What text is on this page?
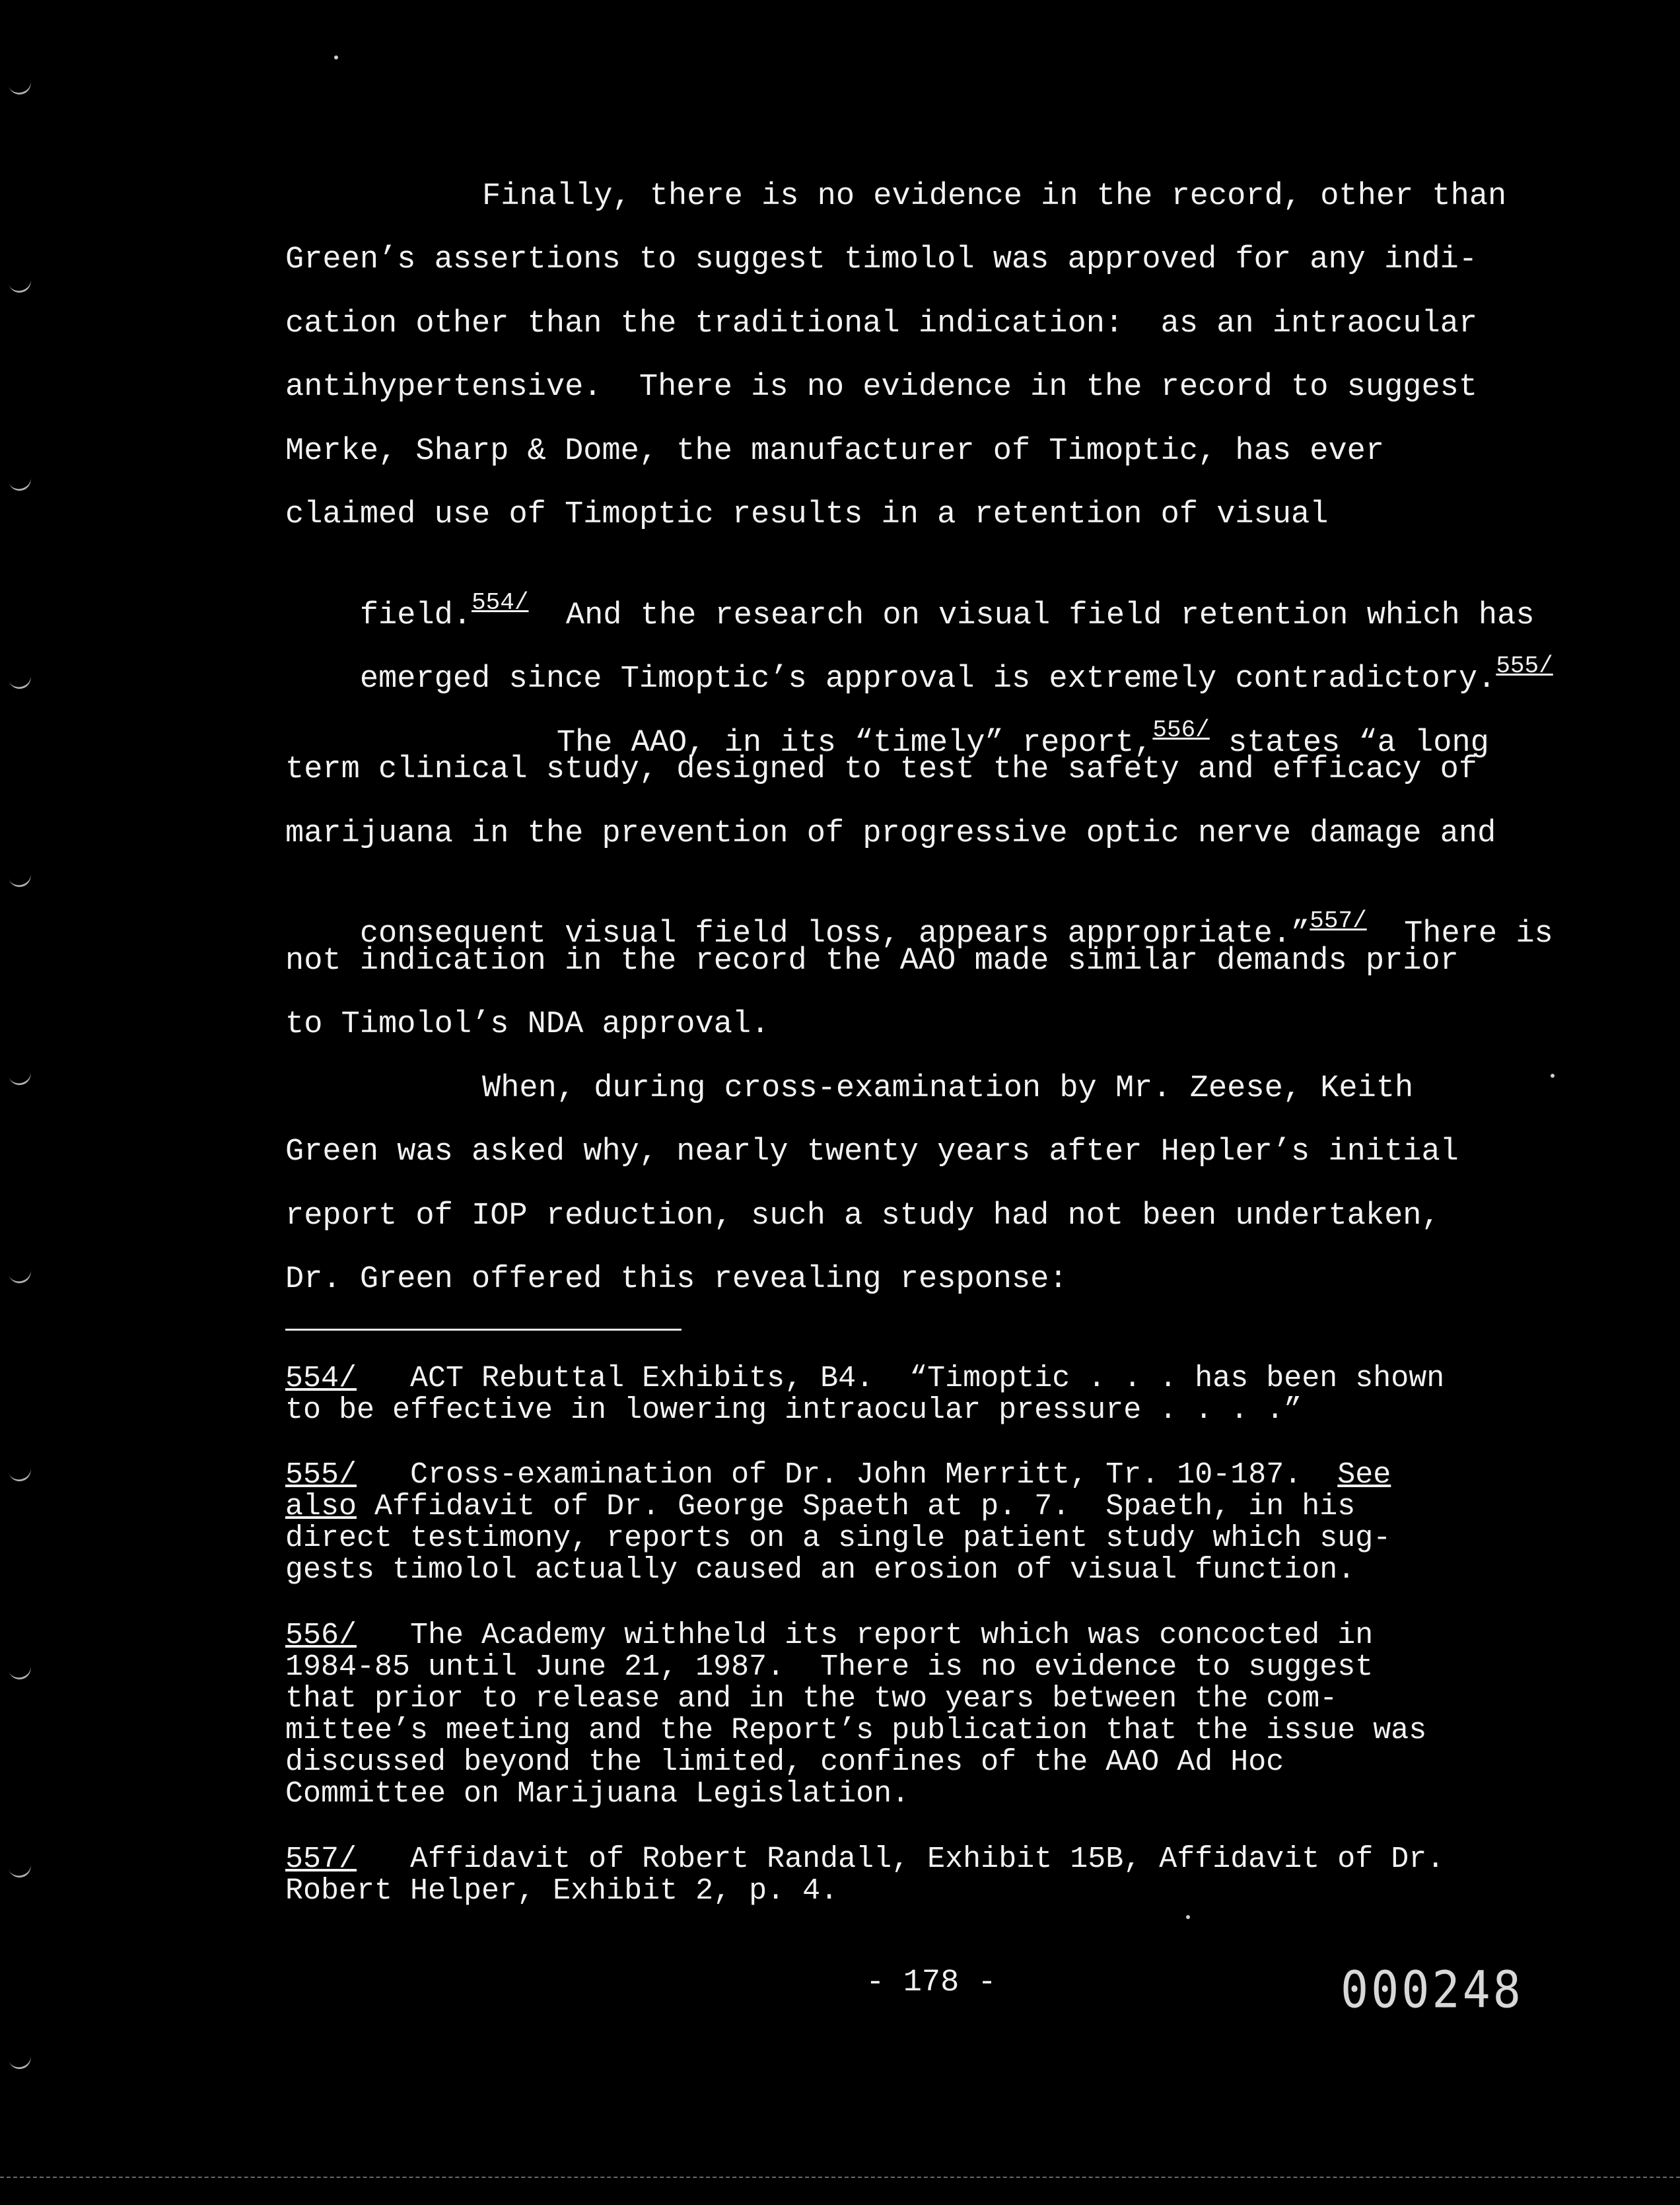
Finally, there is no evidence in the record, other than
Green’s assertions to suggest timolol was approved for any indi-
cation other than the traditional indication:  as an intraocular
antihypertensive.  There is no evidence in the record to suggest
Merke, Sharp & Dome, the manufacturer of Timoptic, has ever
claimed use of Timoptic results in a retention of visual

field.$^{554/}$  And the research on visual field retention which has

emerged since Timoptic’s approval is extremely contradictory.$^{555/}$

The AAO, in its “timely” report,$^{556/}$ states “a long

term clinical study, designed to test the safety and efficacy of
marijuana in the prevention of progressive optic nerve damage and

consequent visual field loss, appears appropriate.”$^{557/}$  There is

not indication in the record the AAO made similar demands prior
to Timolol’s NDA approval.
When, during cross-examination by Mr. Zeese, Keith
Green was asked why, nearly twenty years after Hepler’s initial
report of IOP reduction, such a study had not been undertaken,
Dr. Green offered this revealing response:
554/   ACT Rebuttal Exhibits, B4.  “Timoptic . . . has been shown
to be effective in lowering intraocular pressure . . . .”
555/   Cross-examination of Dr. John Merritt, Tr. 10-187.  See
also Affidavit of Dr. George Spaeth at p. 7.  Spaeth, in his
direct testimony, reports on a single patient study which sug-
gests timolol actually caused an erosion of visual function.
556/   The Academy withheld its report which was concocted in
1984-85 until June 21, 1987.  There is no evidence to suggest
that prior to release and in the two years between the com-
mittee’s meeting and the Report’s publication that the issue was
discussed beyond the limited, confines of the AAO Ad Hoc
Committee on Marijuana Legislation.
557/   Affidavit of Robert Randall, Exhibit 15B, Affidavit of Dr.
Robert Helper, Exhibit 2, p. 4.
- 178 -	000248
